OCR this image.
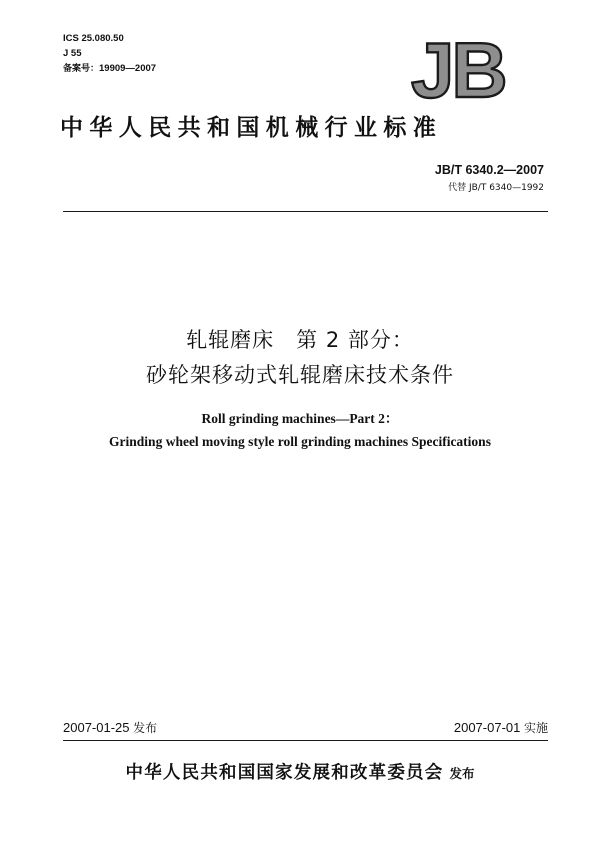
ICS 25.080.50
J 55
备案号：19909—2007	JB
中华人民共和国机械行业标准
JB/T 6340.2—2007
代替 JB/T 6340—1992
轧辊磨床　第 2 部分：
砂轮架移动式轧辊磨床技术条件
Roll grinding machines—Part 2：
Grinding wheel moving style roll grinding machines Specifications
2007-01-25 发布	2007-07-01 实施
中华人民共和国国家发展和改革委员会 发布
